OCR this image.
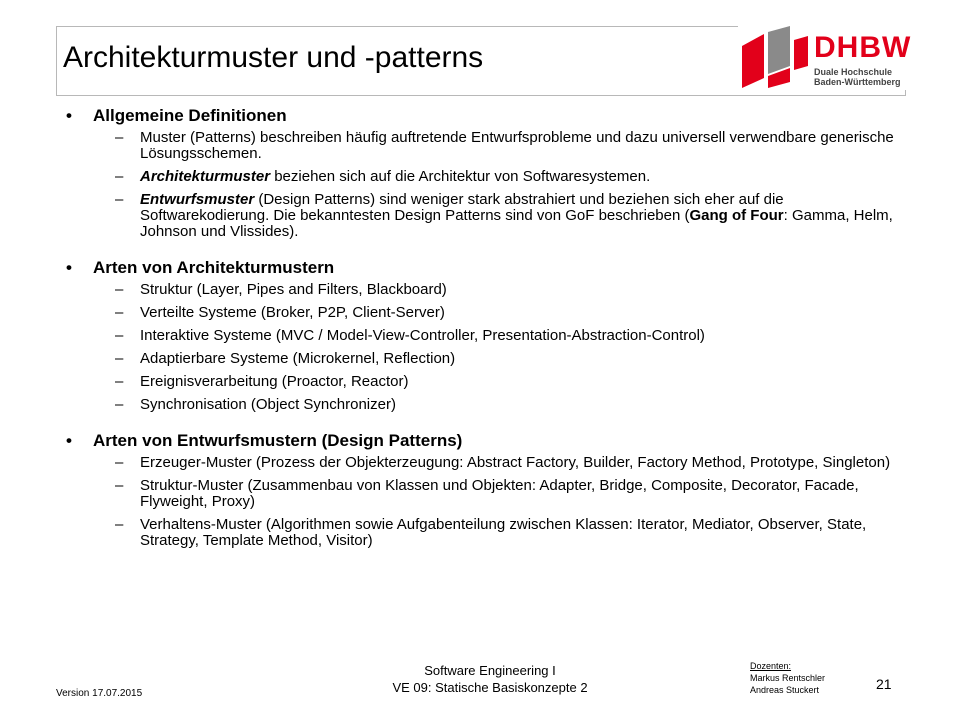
Architekturmuster und -patterns	DHBW
Duale Hochschule
Baden-Württemberg
• Allgemeine Definitionen
– Muster (Patterns) beschreiben häufig auftretende Entwurfsprobleme und dazu universell verwendbare generische Lösungsschemen.
– Architekturmuster beziehen sich auf die Architektur von Softwaresystemen.
– Entwurfsmuster (Design Patterns) sind weniger stark abstrahiert und beziehen sich eher auf die Softwarekodierung. Die bekanntesten Design Patterns sind von GoF beschrieben (Gang of Four: Gamma, Helm, Johnson und Vlissides).
• Arten von Architekturmustern
– Struktur (Layer, Pipes and Filters, Blackboard)
– Verteilte Systeme (Broker, P2P, Client-Server)
– Interaktive Systeme (MVC / Model-View-Controller, Presentation-Abstraction-Control)
– Adaptierbare Systeme (Microkernel, Reflection)
– Ereignisverarbeitung (Proactor, Reactor)
– Synchronisation (Object Synchronizer)
• Arten von Entwurfsmustern (Design Patterns)
– Erzeuger-Muster (Prozess der Objekterzeugung: Abstract Factory, Builder, Factory Method, Prototype, Singleton)
– Struktur-Muster (Zusammenbau von Klassen und Objekten: Adapter, Bridge, Composite, Decorator, Facade, Flyweight, Proxy)
– Verhaltens-Muster (Algorithmen sowie Aufgabenteilung zwischen Klassen: Iterator, Mediator, Observer, State, Strategy, Template Method, Visitor)
Version 17.07.2015
Software Engineering I
VE 09: Statische Basiskonzepte 2
Dozenten:
Markus Rentschler
Andreas Stuckert	21
